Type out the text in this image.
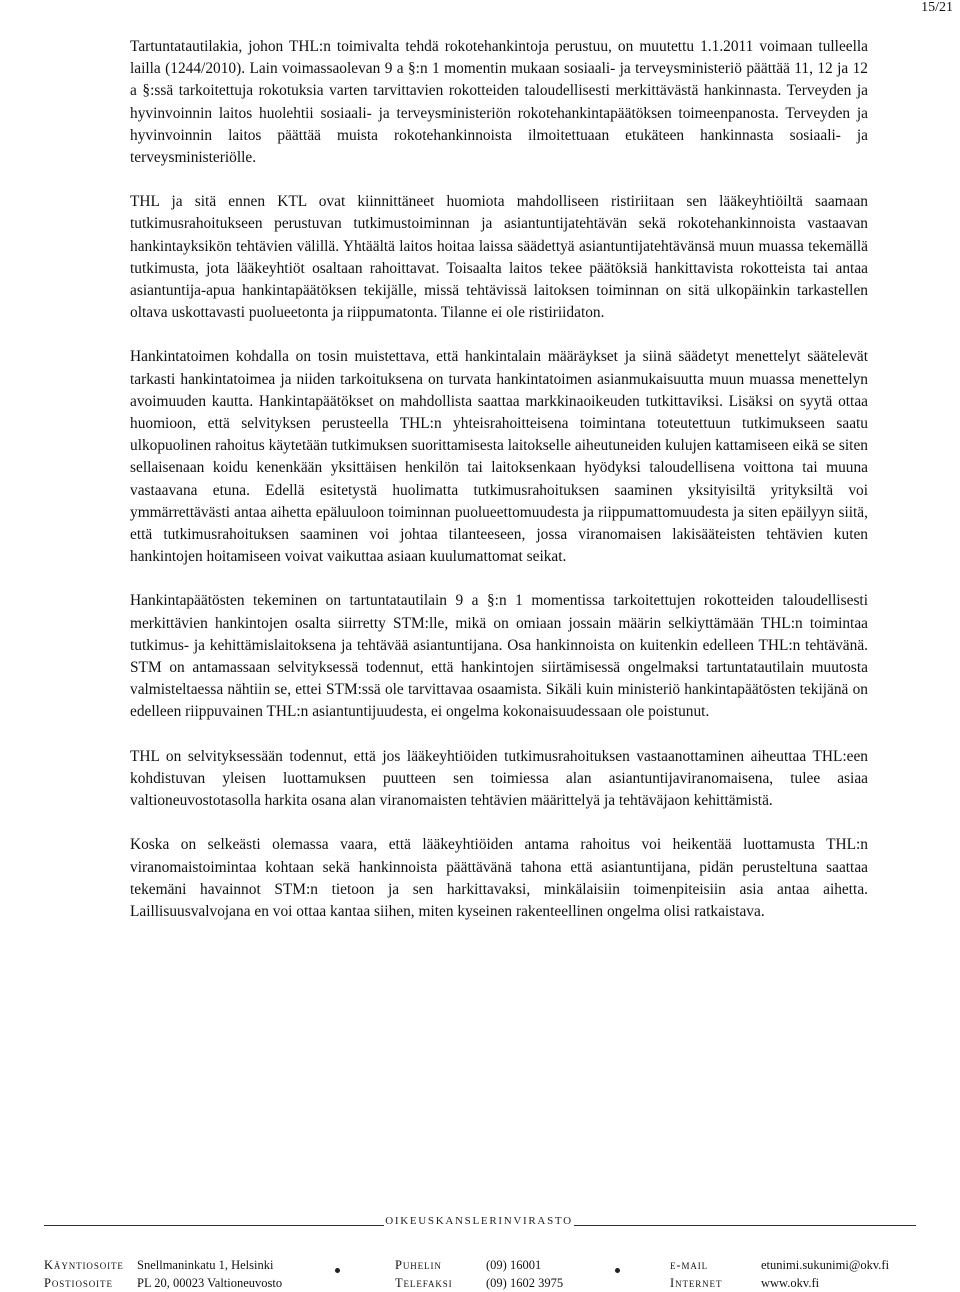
15/21

Tartuntatautilakia, johon THL:n toimivalta tehdä rokotehankintoja perustuu, on muutettu 1.1.2011 voimaan tulleella lailla (1244/2010). Lain voimassaolevan 9 a §:n 1 momentin mukaan sosiaali- ja terveysministeriö päättää 11, 12 ja 12 a §:ssä tarkoitettuja rokotuksia varten tarvittavien rokotteiden taloudellisesti merkittävästä hankinnasta. Terveyden ja hyvinvoinnin laitos huolehtii sosiaali- ja terveysministeriön rokotehankintapäätöksen toimeenpanosta. Terveyden ja hyvinvoinnin laitos päättää muista rokotehankinnoista ilmoitettuaan etukäteen hankinnasta sosiaali- ja terveysministeriölle.

THL ja sitä ennen KTL ovat kiinnittäneet huomiota mahdolliseen ristiriitaan sen lääkeyhtiöiltä saamaan tutkimusrahoitukseen perustuvan tutkimustoiminnan ja asiantuntijatehtävän sekä rokotehankinnoista vastaavan hankintayksikön tehtävien välillä. Yhtäältä laitos hoitaa laissa säädettyä asiantuntijatehtävänsä muun muassa tekemällä tutkimusta, jota lääkeyhtiöt osaltaan rahoittavat. Toisaalta laitos tekee päätöksiä hankittavista rokotteista tai antaa asiantuntija-apua hankintapäätöksen tekijälle, missä tehtävissä laitoksen toiminnan on sitä ulkopäinkin tarkastellen oltava uskottavasti puolueetonta ja riippumatonta. Tilanne ei ole ristiriidaton.

Hankintatoimen kohdalla on tosin muistettava, että hankintalain määräykset ja siinä säädetyt menettelyt säätelevät tarkasti hankintatoimea ja niiden tarkoituksena on turvata hankintatoimen asianmukaisuutta muun muassa menettelyn avoimuuden kautta. Hankintapäätökset on mahdollista saattaa markkinaoikeuden tutkittaviksi. Lisäksi on syytä ottaa huomioon, että selvityksen perusteella THL:n yhteisrahoitteisena toimintana toteutettuun tutkimukseen saatu ulkopuolinen rahoitus käytetään tutkimuksen suorittamisesta laitokselle aiheutuneiden kulujen kattamiseen eikä se siten sellaisenaan koidu kenenkään yksittäisen henkilön tai laitoksenkaan hyödyksi taloudellisena voittona tai muuna vastaavana etuna. Edellä esitetystä huolimatta tutkimusrahoituksen saaminen yksityisiltä yrityksiltä voi ymmärrettävästi antaa aihetta epäluuloon toiminnan puolueettomuudesta ja riippumattomuudesta ja siten epäilyyn siitä, että tutkimusrahoituksen saaminen voi johtaa tilanteeseen, jossa viranomaisen lakisääteisten tehtävien kuten hankintojen hoitamiseen voivat vaikuttaa asiaan kuulumattomat seikat.

Hankintapäätösten tekeminen on tartuntatautilain 9 a §:n 1 momentissa tarkoitettujen rokotteiden taloudellisesti merkittävien hankintojen osalta siirretty STM:lle, mikä on omiaan jossain määrin selkiyttämään THL:n toimintaa tutkimus- ja kehittämislaitoksena ja tehtävää asiantuntijana. Osa hankinnoista on kuitenkin edelleen THL:n tehtävänä. STM on antamassaan selvityksessä todennut, että hankintojen siirtämisessä ongelmaksi tartuntatautilain muutosta valmisteltaessa nähtiin se, ettei STM:ssä ole tarvittavaa osaamista. Sikäli kuin ministeriö hankintapäätösten tekijänä on edelleen riippuvainen THL:n asiantuntijuudesta, ei ongelma kokonaisuudessaan ole poistunut.

THL on selvityksessään todennut, että jos lääkeyhtiöiden tutkimusrahoituksen vastaanottaminen aiheuttaa THL:een kohdistuvan yleisen luottamuksen puutteen sen toimiessa alan asiantuntijaviranomaisena, tulee asiaa valtioneuvostotasolla harkita osana alan viranomaisten tehtävien määrittelyä ja tehtäväjaon kehittämistä.

Koska on selkeästi olemassa vaara, että lääkeyhtiöiden antama rahoitus voi heikentää luottamusta THL:n viranomaistoimintaa kohtaan sekä hankinnoista päättävänä tahona että asiantuntijana, pidän perusteltuna saattaa tekemäni havainnot STM:n tietoon ja sen harkittavaksi, minkälaisiin toimenpiteisiin asia antaa aihetta. Laillisuusvalvojana en voi ottaa kantaa siihen, miten kyseinen rakenteellinen ongelma olisi ratkaistava.

OIKEUSKANSLERINVIRASTO
Käyntiosoite
Postiosoite
Snellmaninkatu 1, Helsinki
PL 20, 00023 Valtioneuvosto
Puhelin
Telefaksi
(09) 16001
(09) 1602 3975
e-mail
Internet
etunimi.sukunimi@okv.fi
www.okv.fi
